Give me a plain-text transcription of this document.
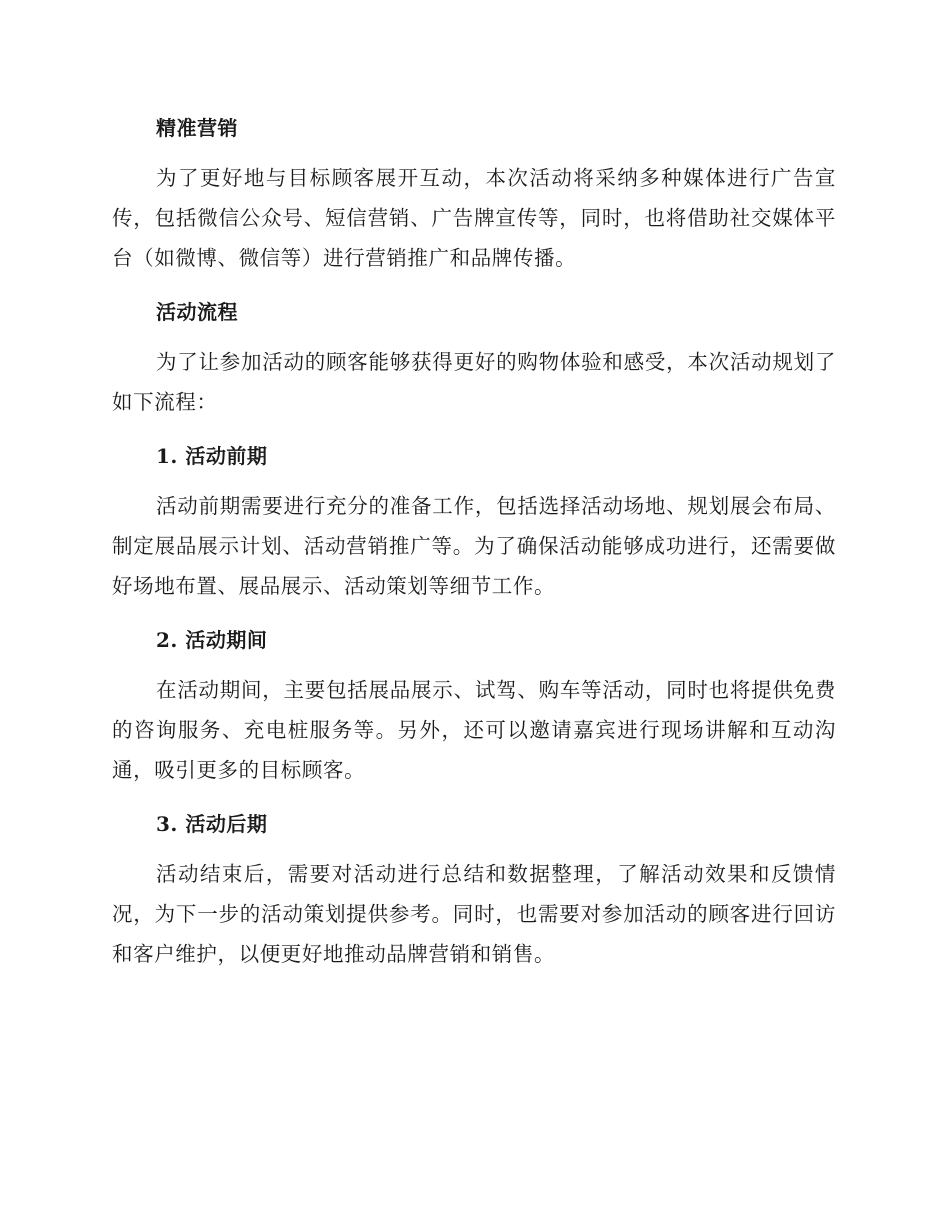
精准营销

为了更好地与目标顾客展开互动，本次活动将采纳多种媒体进行广告宣传，包括微信公众号、短信营销、广告牌宣传等，同时，也将借助社交媒体平台（如微博、微信等）进行营销推广和品牌传播。

活动流程

为了让参加活动的顾客能够获得更好的购物体验和感受，本次活动规划了如下流程：

1. 活动前期

活动前期需要进行充分的准备工作，包括选择活动场地、规划展会布局、制定展品展示计划、活动营销推广等。为了确保活动能够成功进行，还需要做好场地布置、展品展示、活动策划等细节工作。

2. 活动期间

在活动期间，主要包括展品展示、试驾、购车等活动，同时也将提供免费的咨询服务、充电桩服务等。另外，还可以邀请嘉宾进行现场讲解和互动沟通，吸引更多的目标顾客。

3. 活动后期

活动结束后，需要对活动进行总结和数据整理，了解活动效果和反馈情况，为下一步的活动策划提供参考。同时，也需要对参加活动的顾客进行回访和客户维护，以便更好地推动品牌营销和销售。
